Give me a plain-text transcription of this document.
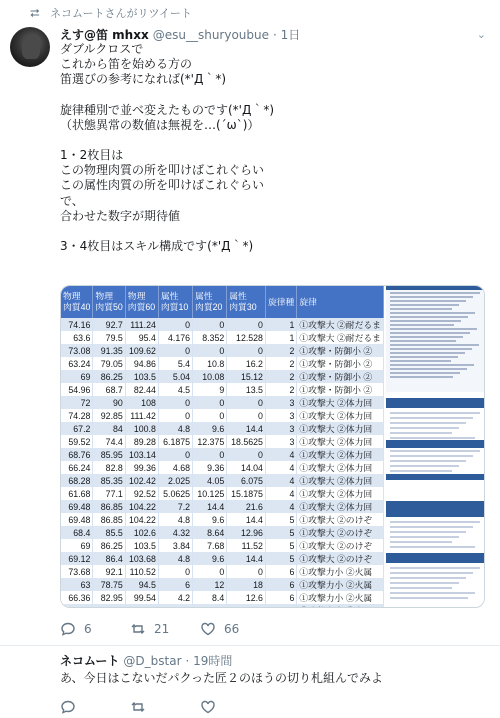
⮂ ネコムートさんがリツイート
えす@笛 mhxx @esu__shuryoubue · 1日	⌄

ダブルクロスで

これから笛を始める方の

笛選びの参考になれば(*'Д｀*)

旋律種別で並べ変えたものです(*'Д｀*)

（状態異常の数値は無視を…(´ω`)）

1・2枚目は

この物理肉質の所を叩けばこれぐらい

この属性肉質の所を叩けばこれぐらい

で、

合わせた数字が期待値

3・4枚目はスキル構成です(*'Д｀*)

物理
肉質40	物理
肉質50	物理
肉質60	属性
肉質10	属性
肉質20	属性
肉質30	旋律種	旋律
74.16	92.7	111.24	0	0	0	1	①攻撃大 ②耐だるま
63.6	79.5	95.4	4.176	8.352	12.528	1	①攻撃大 ②耐だるま
73.08	91.35	109.62	0	0	0	2	①攻撃・防御小 ②
63.24	79.05	94.86	5.4	10.8	16.2	2	①攻撃・防御小 ②
69	86.25	103.5	5.04	10.08	15.12	2	①攻撃・防御小 ②
54.96	68.7	82.44	4.5	9	13.5	2	①攻撃・防御小 ②
72	90	108	0	0	0	3	①攻撃大 ②体力回
74.28	92.85	111.42	0	0	0	3	①攻撃大 ②体力回
67.2	84	100.8	4.8	9.6	14.4	3	①攻撃大 ②体力回
59.52	74.4	89.28	6.1875	12.375	18.5625	3	①攻撃大 ②体力回
68.76	85.95	103.14	0	0	0	4	①攻撃大 ②体力回
66.24	82.8	99.36	4.68	9.36	14.04	4	①攻撃大 ②体力回
68.28	85.35	102.42	2.025	4.05	6.075	4	①攻撃大 ②体力回
61.68	77.1	92.52	5.0625	10.125	15.1875	4	①攻撃大 ②体力回
69.48	86.85	104.22	7.2	14.4	21.6	4	①攻撃大 ②体力回
69.48	86.85	104.22	4.8	9.6	14.4	5	①攻撃大 ②のけぞ
68.4	85.5	102.6	4.32	8.64	12.96	5	①攻撃大 ②のけぞ
69	86.25	103.5	3.84	7.68	11.52	5	①攻撃大 ②のけぞ
69.12	86.4	103.68	4.8	9.6	14.4	5	①攻撃大 ②のけぞ
73.68	92.1	110.52	0	0	0	6	①攻撃力小 ②火属
63	78.75	94.5	6	12	18	6	①攻撃力小 ②火属
66.36	82.95	99.54	4.2	8.4	12.6	6	①攻撃力小 ②火属

6	21	66
ネコムート @D_bstar · 19時間
あ、今日はこないだパクった匠２のほうの切り札組んでみよ
